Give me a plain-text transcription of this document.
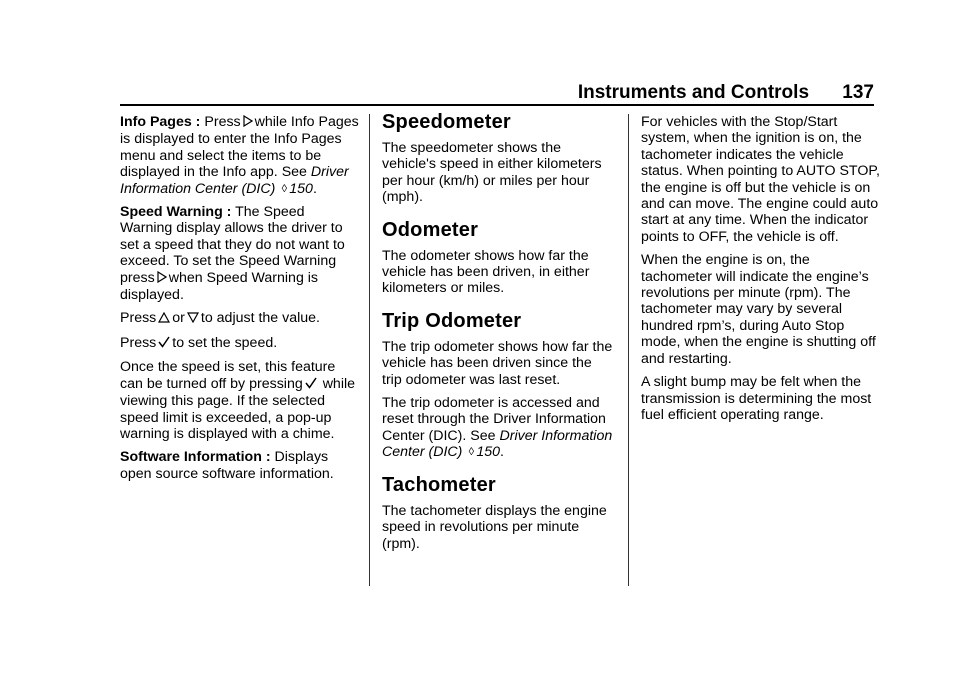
Instruments and Controls 137

Info Pages : Press while Info Pages is displayed to enter the Info Pages menu and select the items to be displayed in the Info app. See Driver Information Center (DIC) ◊ 150.

Speed Warning : The Speed Warning display allows the driver to set a speed that they do not want to exceed. To set the Speed Warning press when Speed Warning is displayed.

Press or to adjust the value.

Press to set the speed.

Once the speed is set, this feature can be turned off by pressing while viewing this page. If the selected speed limit is exceeded, a pop-up warning is displayed with a chime.

Software Information : Displays open source software information.

Speedometer

The speedometer shows the vehicle's speed in either kilometers per hour (km/h) or miles per hour (mph).

Odometer

The odometer shows how far the vehicle has been driven, in either kilometers or miles.

Trip Odometer

The trip odometer shows how far the vehicle has been driven since the trip odometer was last reset.

The trip odometer is accessed and reset through the Driver Information Center (DIC). See Driver Information Center (DIC) ◊ 150.

Tachometer

The tachometer displays the engine speed in revolutions per minute (rpm).

For vehicles with the Stop/Start system, when the ignition is on, the tachometer indicates the vehicle status. When pointing to AUTO STOP, the engine is off but the vehicle is on and can move. The engine could auto start at any time. When the indicator points to OFF, the vehicle is off.

When the engine is on, the tachometer will indicate the engine’s revolutions per minute (rpm). The tachometer may vary by several hundred rpm’s, during Auto Stop mode, when the engine is shutting off and restarting.

A slight bump may be felt when the transmission is determining the most fuel efficient operating range.
